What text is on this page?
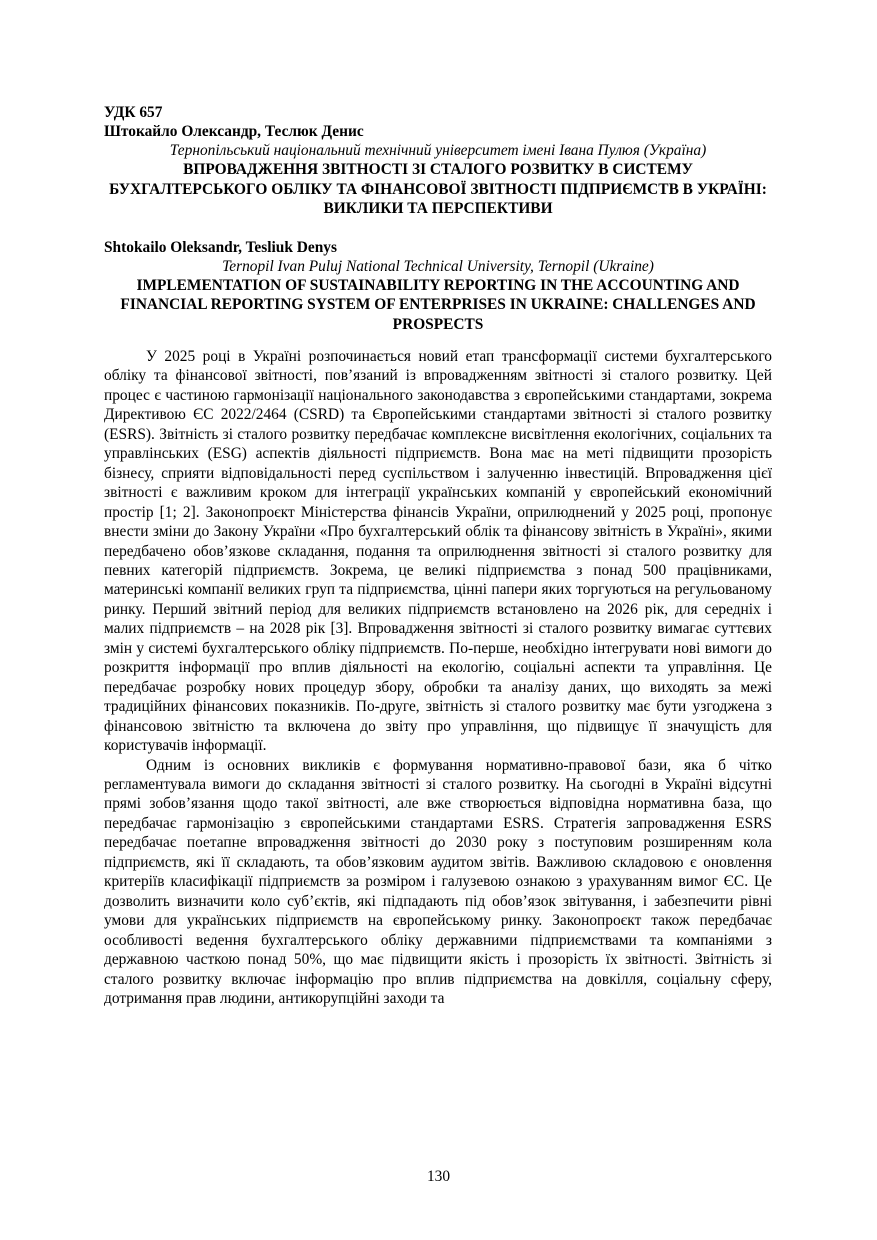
УДК 657
Штокайло Олександр, Теслюк Денис
Тернопільський національний технічний університет імені Івана Пулюя (Україна)
ВПРОВАДЖЕННЯ ЗВІТНОСТІ ЗІ СТАЛОГО РОЗВИТКУ В СИСТЕМУ БУХГАЛТЕРСЬКОГО ОБЛІКУ ТА ФІНАНСОВОЇ ЗВІТНОСТІ ПІДПРИЄМСТВ В УКРАЇНІ: ВИКЛИКИ ТА ПЕРСПЕКТИВИ
Shtokailo Oleksandr, Tesliuk Denys
Ternopil Ivan Puluj National Technical University, Ternopil (Ukraine)
IMPLEMENTATION OF SUSTAINABILITY REPORTING IN THE ACCOUNTING AND FINANCIAL REPORTING SYSTEM OF ENTERPRISES IN UKRAINE: CHALLENGES AND PROSPECTS

У 2025 році в Україні розпочинається новий етап трансформації системи бухгалтерського обліку та фінансової звітності, пов’язаний із впровадженням звітності зі сталого розвитку. Цей процес є частиною гармонізації національного законодавства з європейськими стандартами, зокрема Директивою ЄС 2022/2464 (CSRD) та Європейськими стандартами звітності зі сталого розвитку (ESRS). Звітність зі сталого розвитку передбачає комплексне висвітлення екологічних, соціальних та управлінських (ESG) аспектів діяльності підприємств. Вона має на меті підвищити прозорість бізнесу, сприяти відповідальності перед суспільством і залученню інвестицій. Впровадження цієї звітності є важливим кроком для інтеграції українських компаній у європейський економічний простір [1; 2]. Законопроєкт Міністерства фінансів України, оприлюднений у 2025 році, пропонує внести зміни до Закону України «Про бухгалтерський облік та фінансову звітність в Україні», якими передбачено обов’язкове складання, подання та оприлюднення звітності зі сталого розвитку для певних категорій підприємств. Зокрема, це великі підприємства з понад 500 працівниками, материнські компанії великих груп та підприємства, цінні папери яких торгуються на регульованому ринку. Перший звітний період для великих підприємств встановлено на 2026 рік, для середніх і малих підприємств – на 2028 рік [3]. Впровадження звітності зі сталого розвитку вимагає суттєвих змін у системі бухгалтерського обліку підприємств. По-перше, необхідно інтегрувати нові вимоги до розкриття інформації про вплив діяльності на екологію, соціальні аспекти та управління. Це передбачає розробку нових процедур збору, обробки та аналізу даних, що виходять за межі традиційних фінансових показників. По-друге, звітність зі сталого розвитку має бути узгоджена з фінансовою звітністю та включена до звіту про управління, що підвищує її значущість для користувачів інформації.

Одним із основних викликів є формування нормативно-правової бази, яка б чітко регламентувала вимоги до складання звітності зі сталого розвитку. На сьогодні в Україні відсутні прямі зобов’язання щодо такої звітності, але вже створюється відповідна нормативна база, що передбачає гармонізацію з європейськими стандартами ESRS. Стратегія запровадження ESRS передбачає поетапне впровадження звітності до 2030 року з поступовим розширенням кола підприємств, які її складають, та обов’язковим аудитом звітів. Важливою складовою є оновлення критеріїв класифікації підприємств за розміром і галузевою ознакою з урахуванням вимог ЄС. Це дозволить визначити коло суб’єктів, які підпадають під обов’язок звітування, і забезпечити рівні умови для українських підприємств на європейському ринку. Законопроєкт також передбачає особливості ведення бухгалтерського обліку державними підприємствами та компаніями з державною часткою понад 50%, що має підвищити якість і прозорість їх звітності. Звітність зі сталого розвитку включає інформацію про вплив підприємства на довкілля, соціальну сферу, дотримання прав людини, антикорупційні заходи та

130
